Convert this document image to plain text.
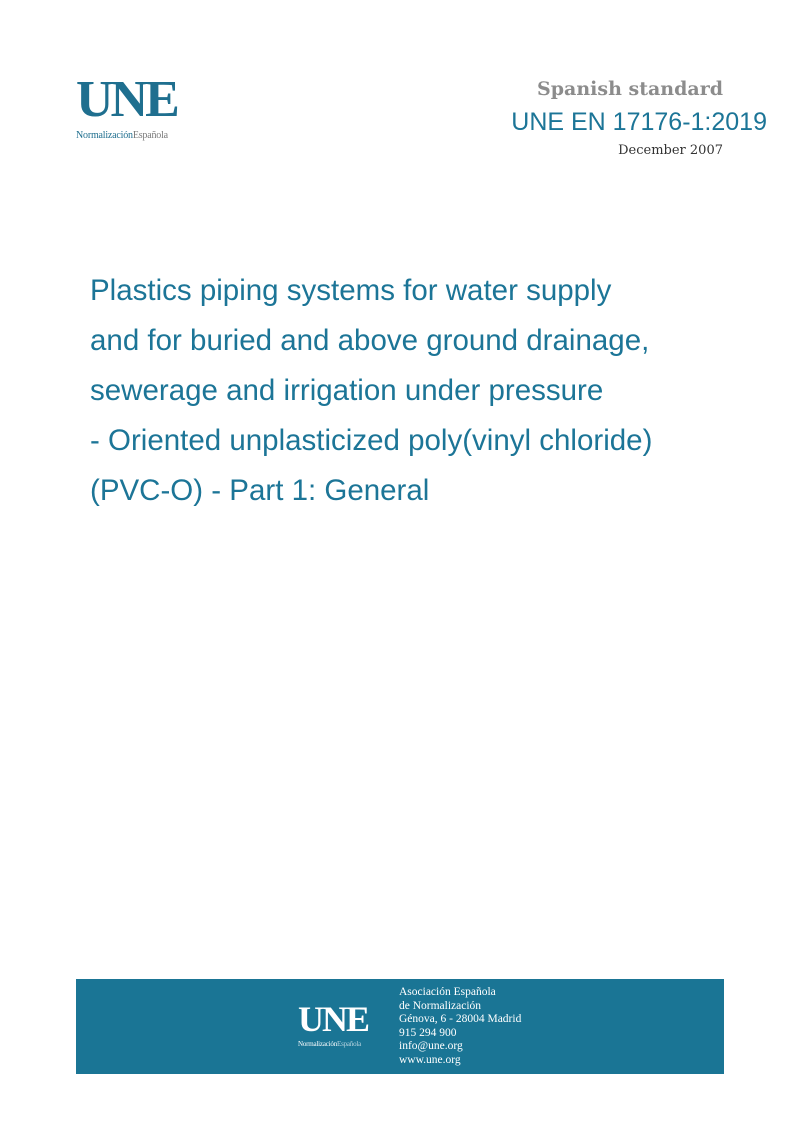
UNE
NormalizaciónEspañola
Spanish standard
UNE EN 17176-1:2019
December 2007
Plastics piping systems for water supply
and for buried and above ground drainage,
sewerage and irrigation under pressure
- Oriented unplasticized poly(vinyl chloride)
(PVC-O) - Part 1: General
UNE
NormalizaciónEspañola
Asociación Española
de Normalización
Génova, 6 - 28004 Madrid
915 294 900
info@une.org
www.une.org
